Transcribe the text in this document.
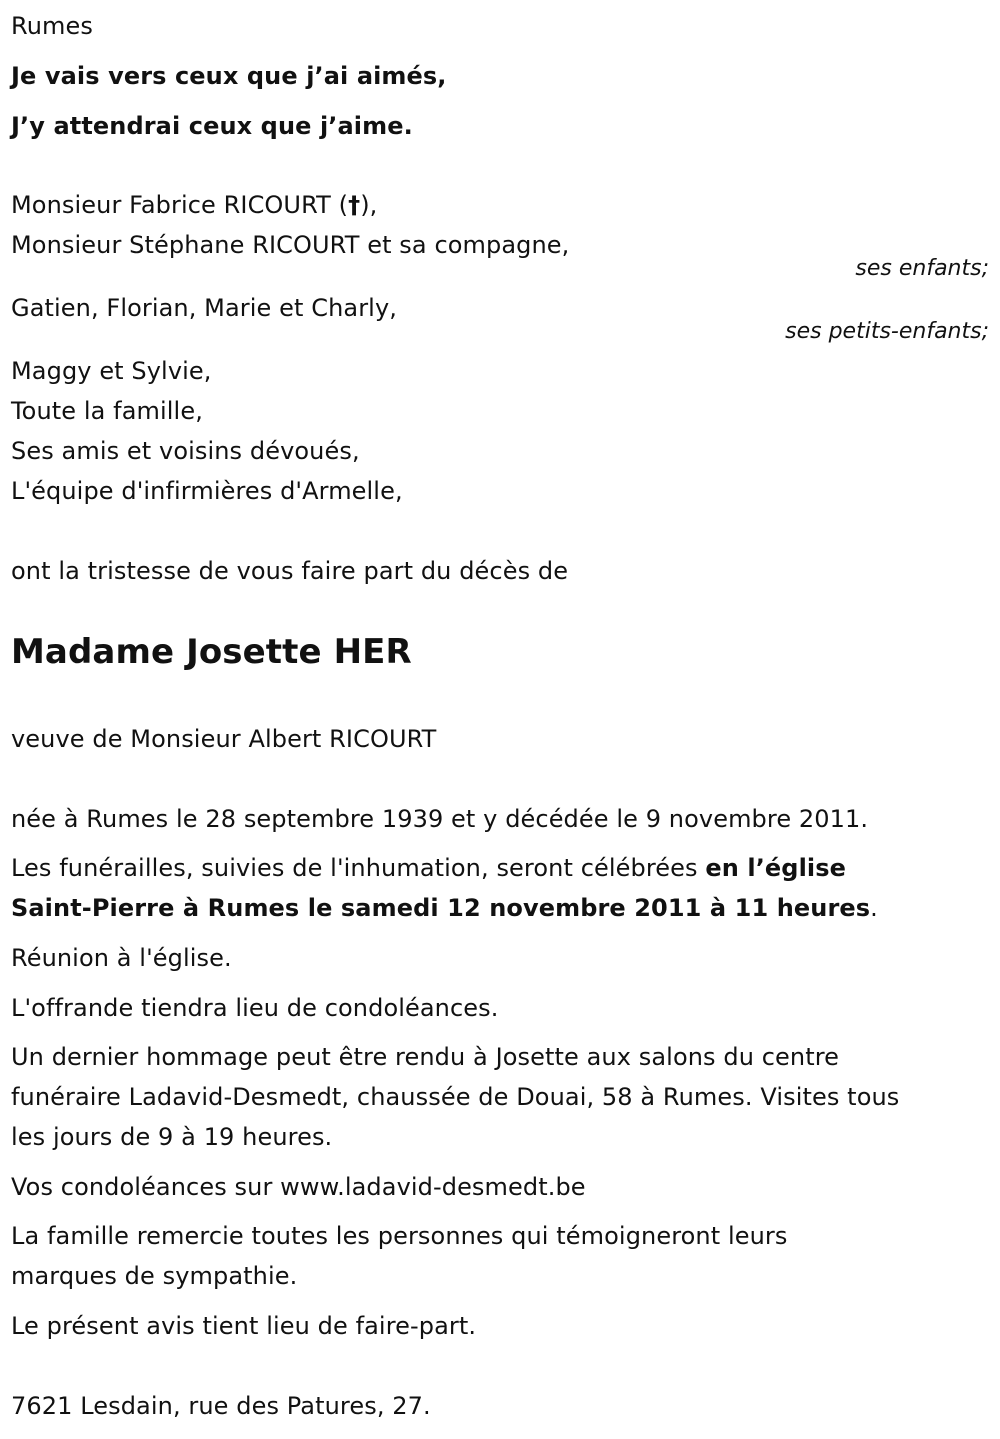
Rumes

Je vais vers ceux que j’ai aimés,

J’y attendrai ceux que j’aime.

Monsieur Fabrice RICOURT (†),

Monsieur Stéphane RICOURT et sa compagne,

ses enfants;

Gatien, Florian, Marie et Charly,

ses petits-enfants;

Maggy et Sylvie,

Toute la famille,

Ses amis et voisins dévoués,

L'équipe d'infirmières d'Armelle,

ont la tristesse de vous faire part du décès de

Madame Josette HER

veuve de Monsieur Albert RICOURT

née à Rumes le 28 septembre 1939 et y décédée le 9 novembre 2011.

Les funérailles, suivies de l'inhumation, seront célébrées en l’église

Saint-Pierre à Rumes le samedi 12 novembre 2011 à 11 heures.

Réunion à l'église.

L'offrande tiendra lieu de condoléances.

Un dernier hommage peut être rendu à Josette aux salons du centre

funéraire Ladavid-Desmedt, chaussée de Douai, 58 à Rumes. Visites tous

les jours de 9 à 19 heures.

Vos condoléances sur www.ladavid-desmedt.be

La famille remercie toutes les personnes qui témoigneront leurs

marques de sympathie.

Le présent avis tient lieu de faire-part.

7621 Lesdain, rue des Patures, 27.
